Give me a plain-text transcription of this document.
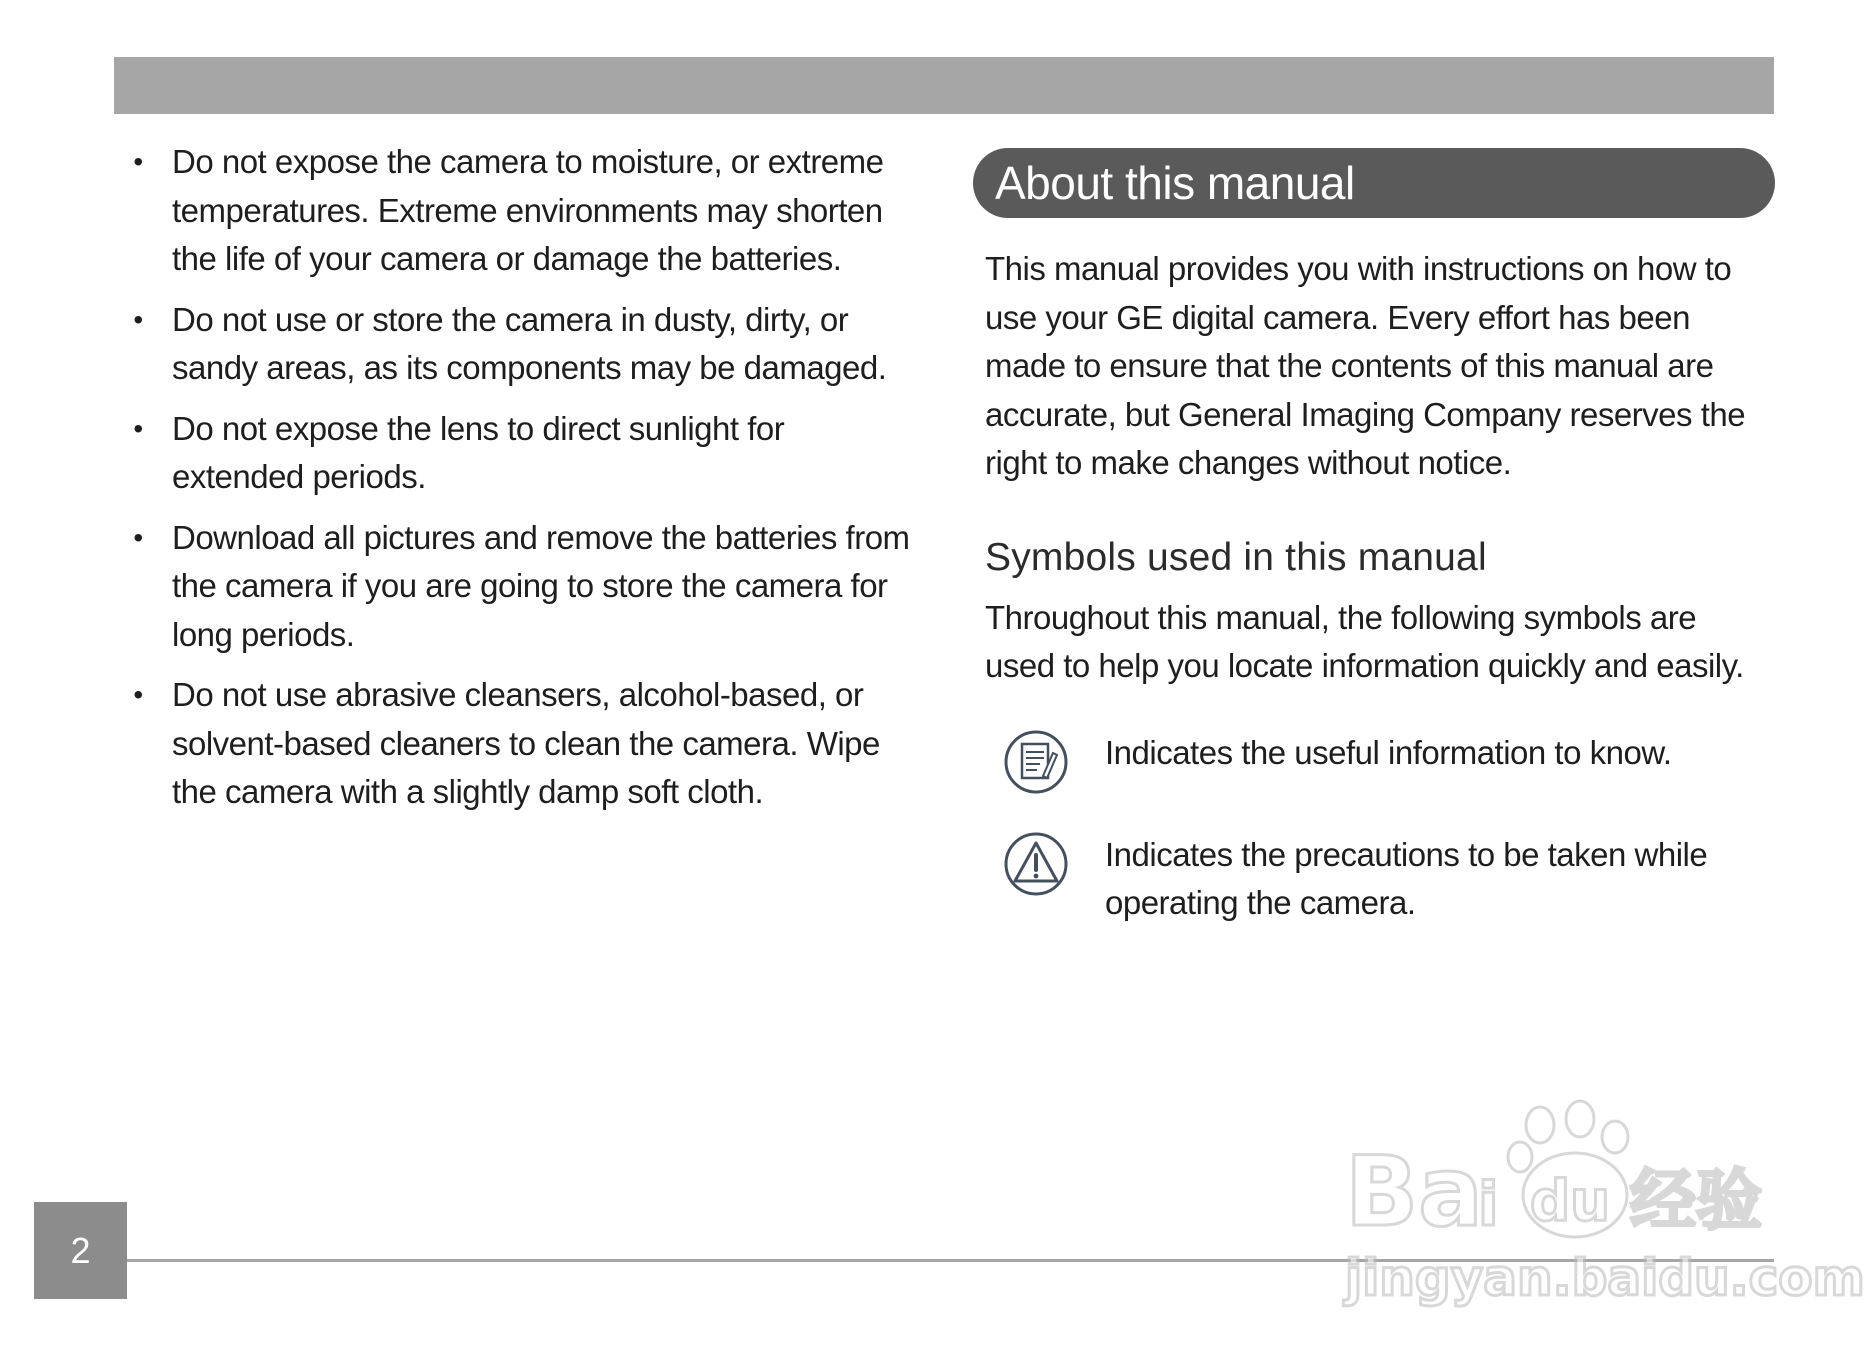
• Do not expose the camera to moisture, or extreme temperatures. Extreme environments may shorten the life of your camera or damage the batteries.
• Do not use or store the camera in dusty, dirty, or sandy areas, as its components may be damaged.
• Do not expose the lens to direct sunlight for extended periods.
• Download all pictures and remove the batteries from the camera if you are going to store the camera for long periods.
• Do not use abrasive cleansers, alcohol-based, or solvent-based cleaners to clean the camera. Wipe the camera with a slightly damp soft cloth.
About this manual

This manual provides you with instructions on how to use your GE digital camera. Every effort has been made to ensure that the contents of this manual are accurate, but General Imaging Company reserves the right to make changes without notice.

Symbols used in this manual

Throughout this manual, the following symbols are used to help you locate information quickly and easily.

Indicates the useful information to know.
Indicates the precautions to be taken while operating the camera.
2
Ba
i du 经验
jingyan.baidu.com
